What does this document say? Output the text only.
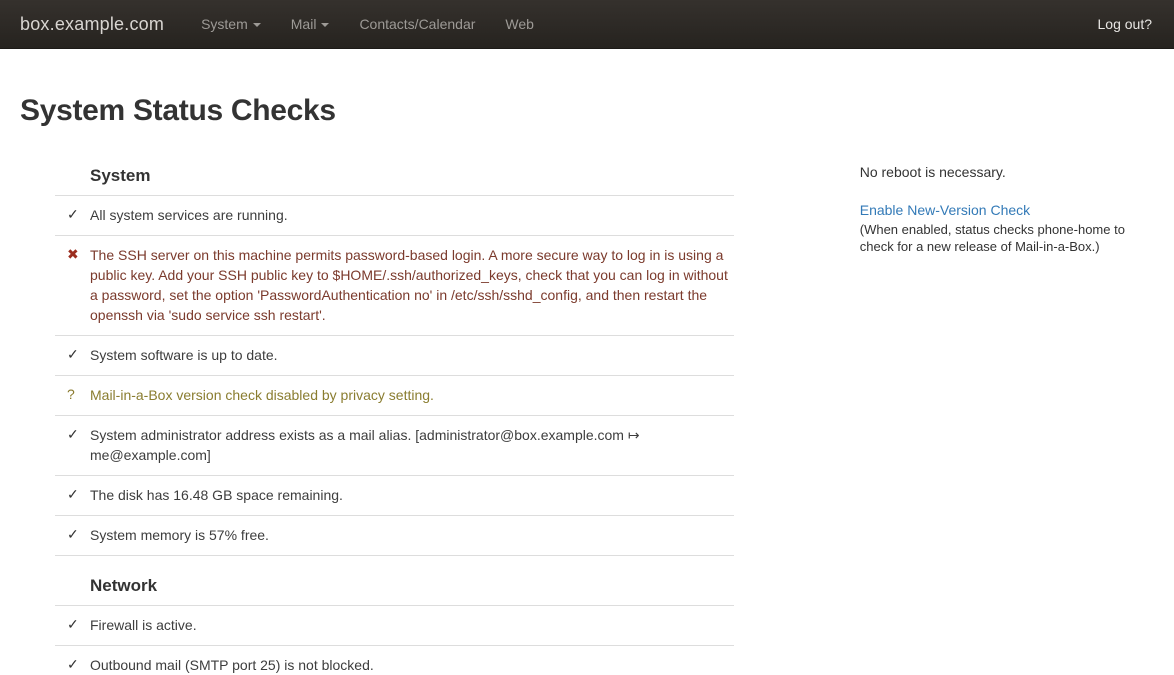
box.example.com	System	Mail	Contacts/Calendar	Web	Log out?
System Status Checks
System
✓ All system services are running.
✖ The SSH server on this machine permits password-based login. A more secure way to log in is using a public key. Add your SSH public key to $HOME/.ssh/authorized_keys, check that you can log in without a password, set the option 'PasswordAuthentication no' in /etc/ssh/sshd_config, and then restart the openssh via 'sudo service ssh restart'.
✓ System software is up to date.
?	Mail-in-a-Box version check disabled by privacy setting.
✓ System administrator address exists as a mail alias. [administrator@box.example.com ↦ me@example.com]
✓ The disk has 16.48 GB space remaining.
✓ System memory is 57% free.
Network
✓ Firewall is active.
✓ Outbound mail (SMTP port 25) is not blocked.
No reboot is necessary.
Enable New-Version Check
(When enabled, status checks phone-home to check for a new release of Mail-in-a-Box.)
